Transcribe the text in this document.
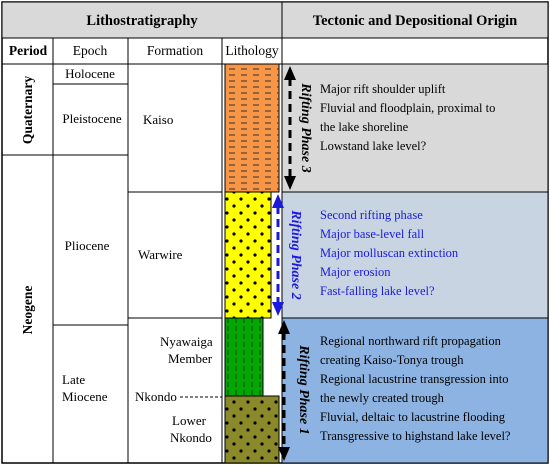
Lithostratigraphy	Tectonic and Depositional Origin
Period Epoch	Formation Lithology
Quaternary
Neogene
Holocene
Pleistocene
Pliocene
Late
Miocene
Kaiso
Warwire
Nyawaiga
Member
Nkondo
Lower
Nkondo
Rifting Phase 3
Rifting Phase 2
Rifting Phase 1
Major rift shoulder uplift
Fluvial and floodplain, proximal to
the lake shoreline
Lowstand lake level?
Second rifting phase
Major base-level fall
Major molluscan extinction
Major erosion
Fast-falling lake level?
Regional northward rift propagation
creating Kaiso-Tonya trough
Regional lacustrine transgression into
the newly created trough
Fluvial, deltaic to lacustrine flooding
Transgressive to highstand lake level?
